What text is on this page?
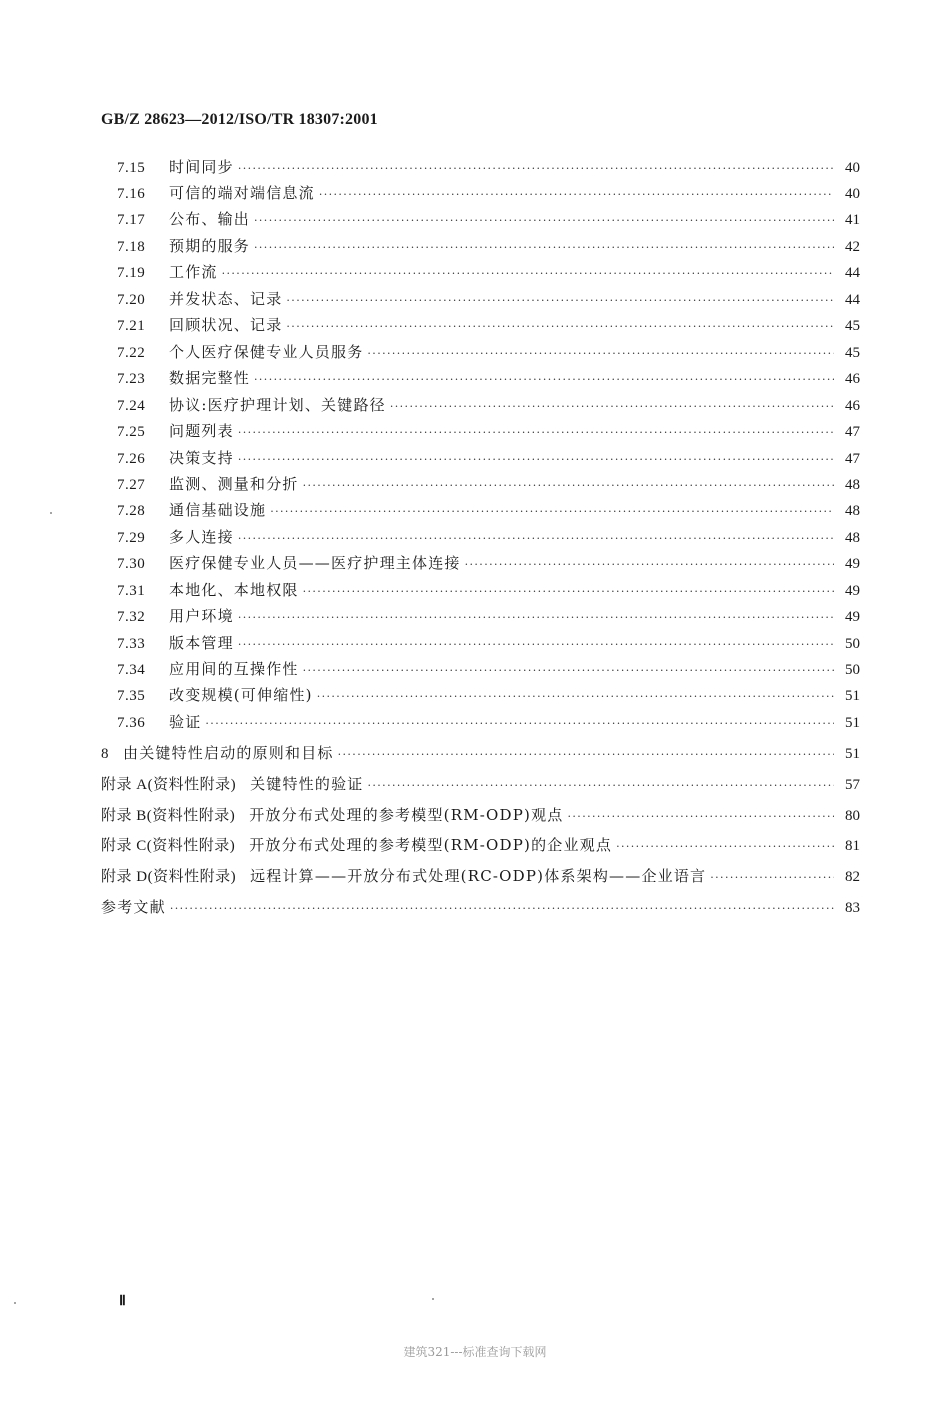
GB/Z 28623—2012/ISO/TR 18307:2001
7.15	时间同步 ·····	40
7.16	可信的端对端信息流 ·····	40
7.17	公布、输出 ·····	41
7.18	预期的服务 ·····	42
7.19	工作流 ·····	44
7.20	并发状态、记录 ·····	44
7.21	回顾状况、记录 ·····	45
7.22	个人医疗保健专业人员服务 ·····	45
7.23	数据完整性 ·····	46
7.24	协议:医疗护理计划、关键路径 ·····	46
7.25	问题列表 ·····	47
7.26	决策支持 ·····	47
7.27	监测、测量和分折 ·····	48
7.28	通信基础设施 ·····	48
7.29	多人连接 ·····	48
7.30	医疗保健专业人员——医疗护理主体连接 ·····	49
7.31	本地化、本地权限 ·····	49
7.32	用户环境 ·····	49
7.33	版本管理 ·····	50
7.34	应用间的互操作性 ·····	50
7.35	改变规模(可伸缩性) ·····	51
7.36	验证 ·····	51
8 由关键特性启动的原则和目标 ·····	51
附录 A(资料性附录) 关键特性的验证 ·····	57
附录 B(资料性附录) 开放分布式处理的参考模型(RM-ODP)观点 ·····	80
附录 C(资料性附录) 开放分布式处理的参考模型(RM-ODP)的企业观点 ·····	81
附录 D(资料性附录) 远程计算——开放分布式处理(RC-ODP)体系架构——企业语言 ·····	82
参考文献 ·····	83
Ⅱ
建筑321---标准查询下载网
